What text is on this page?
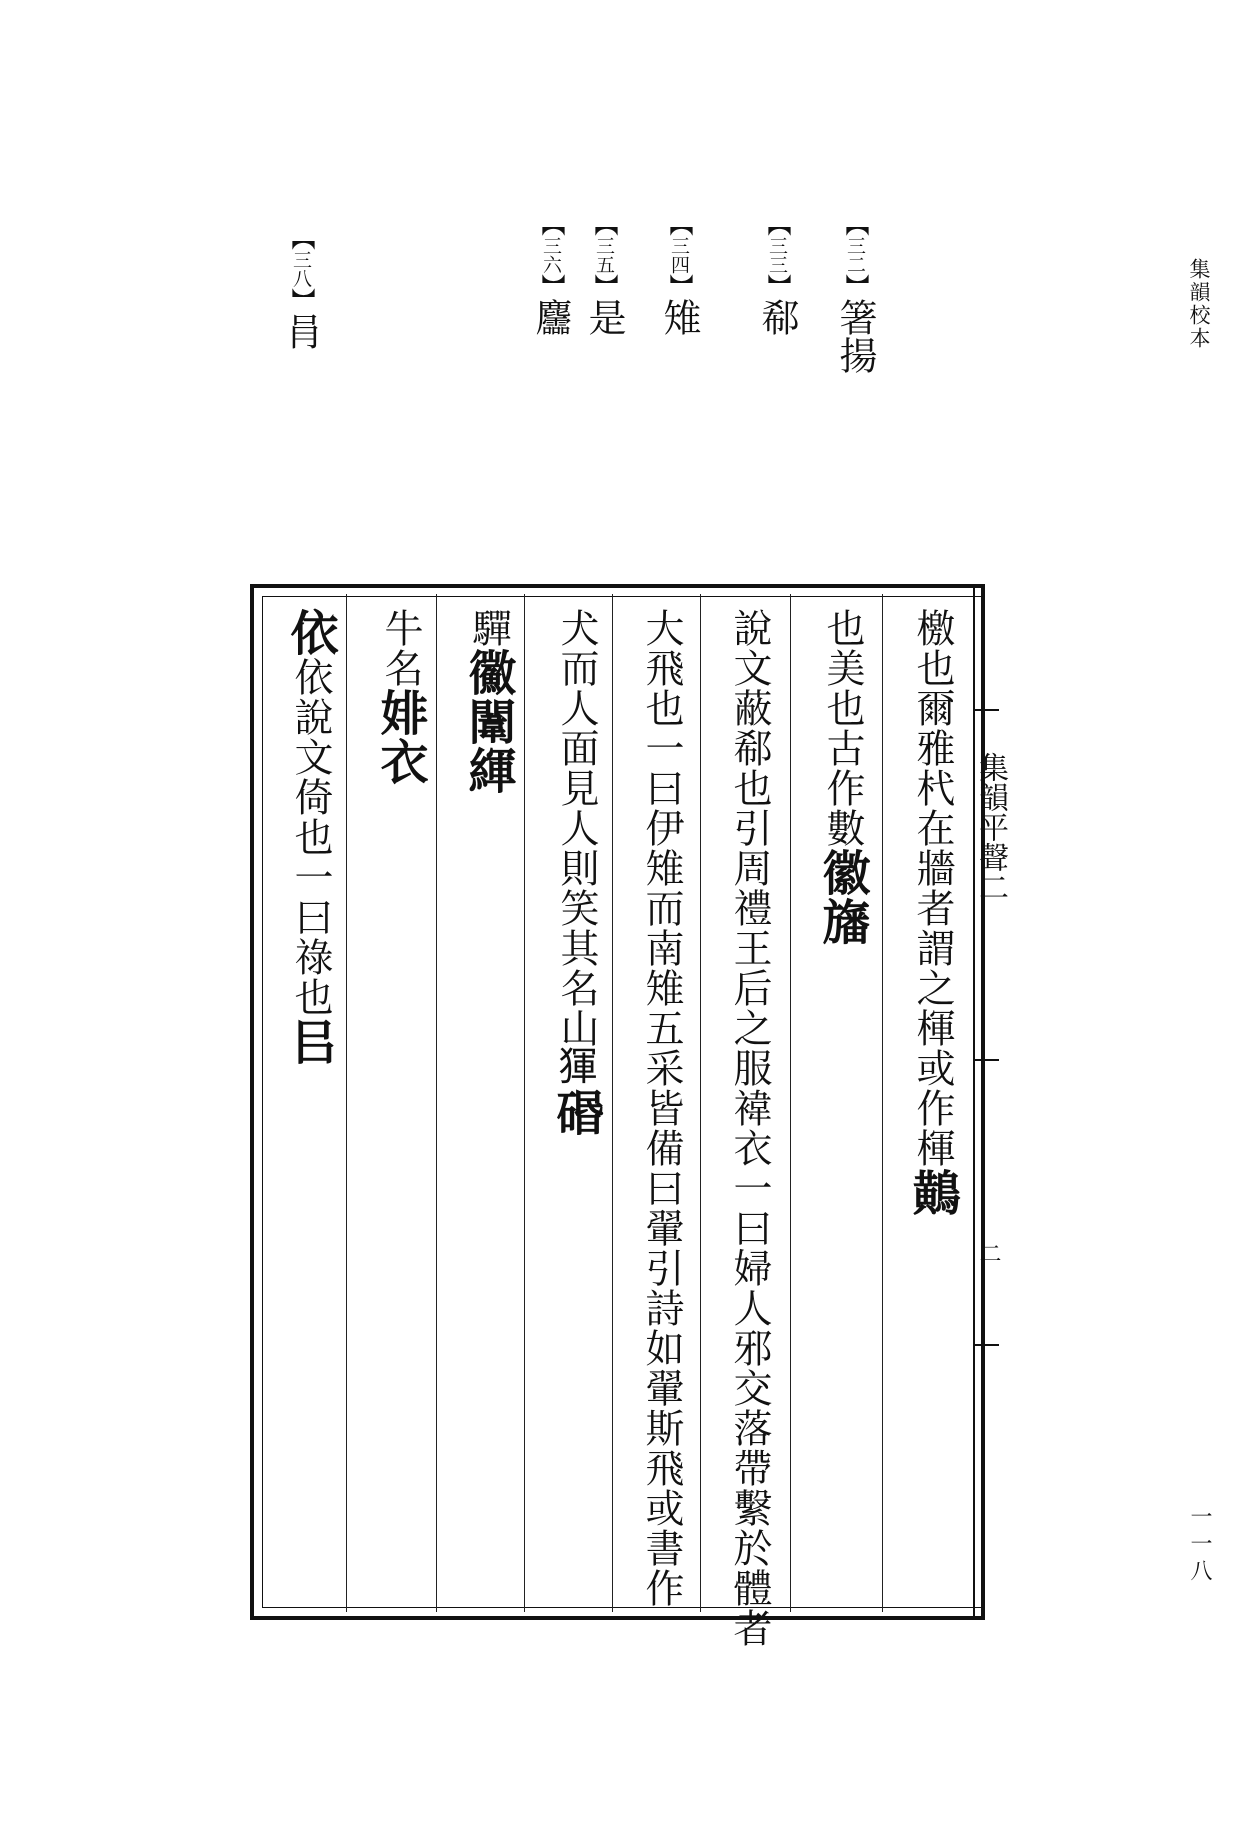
集韻校本
一一八
【三二】箸揚
【三三】郗
【三四】雉
【三五】是
【三六】麢
【三八】肙
集韻平聲二
二
檄也爾雅杙在牆者謂之楎或作楎鷬
也美也古作數徽旛
說文蔽郗也引周禮王后之服褘衣一曰婦人邪交落帶繫於體者
大飛也一曰伊雉而南雉五采皆備曰翬引詩如翬斯飛或書作
犬而人面見人則笑其名山𤟤䃉
驒鰴闈緷
牛名婔衣
依依說文倚也一曰祿也㠯
